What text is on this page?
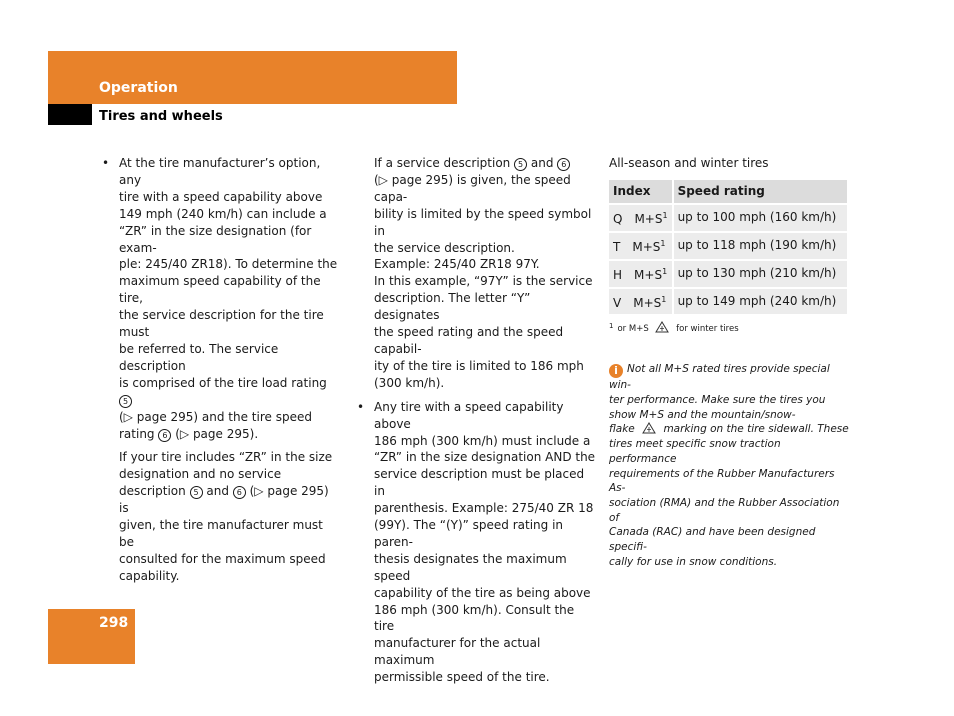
Operation
Tires and wheels
• At the tire manufacturer’s option, any
tire with a speed capability above
149 mph (240 km/h) can include a
“ZR” in the size designation (for exam-
ple: 245/40 ZR18). To determine the
maximum speed capability of the tire,
the service description for the tire must
be referred to. The service description
is comprised of the tire load rating 5
(▷ page 295) and the tire speed
rating 6 (▷ page 295).

If your tire includes “ZR” in the size
designation and no service
description 5 and 6 (▷ page 295) is
given, the tire manufacturer must be
consulted for the maximum speed
capability.

If a service description 5 and 6
(▷ page 295) is given, the speed capa-
bility is limited by the speed symbol in
the service description.
Example: 245/40 ZR18 97Y.
In this example, “97Y” is the service
description. The letter “Y” designates
the speed rating and the speed capabil-
ity of the tire is limited to 186 mph
(300 km/h).

• Any tire with a speed capability above
186 mph (300 km/h) must include a
“ZR” in the size designation AND the
service description must be placed in
parenthesis. Example: 275/40 ZR 18
(99Y). The “(Y)” speed rating in paren-
thesis designates the maximum speed
capability of the tire as being above
186 mph (300 km/h). Consult the tire
manufacturer for the actual maximum
permissible speed of the tire.

All-season and winter tires

Index	Speed rating
Q $M+S^1$	up to 100 mph (160 km/h)
T $M+S^1$	up to 118 mph (190 km/h)
H $M+S^1$	up to 130 mph (210 km/h)
V $M+S^1$	up to 149 mph (240 km/h)
$^1$ or M+S	for winter tires
i Not all M+S rated tires provide special win-
ter performance. Make sure the tires you
show M+S and the mountain/snow-
flake	marking on the tire sidewall. These
tires meet specific snow traction performance
requirements of the Rubber Manufacturers As-
sociation (RMA) and the Rubber Association of
Canada (RAC) and have been designed specifi-
cally for use in snow conditions.
298
